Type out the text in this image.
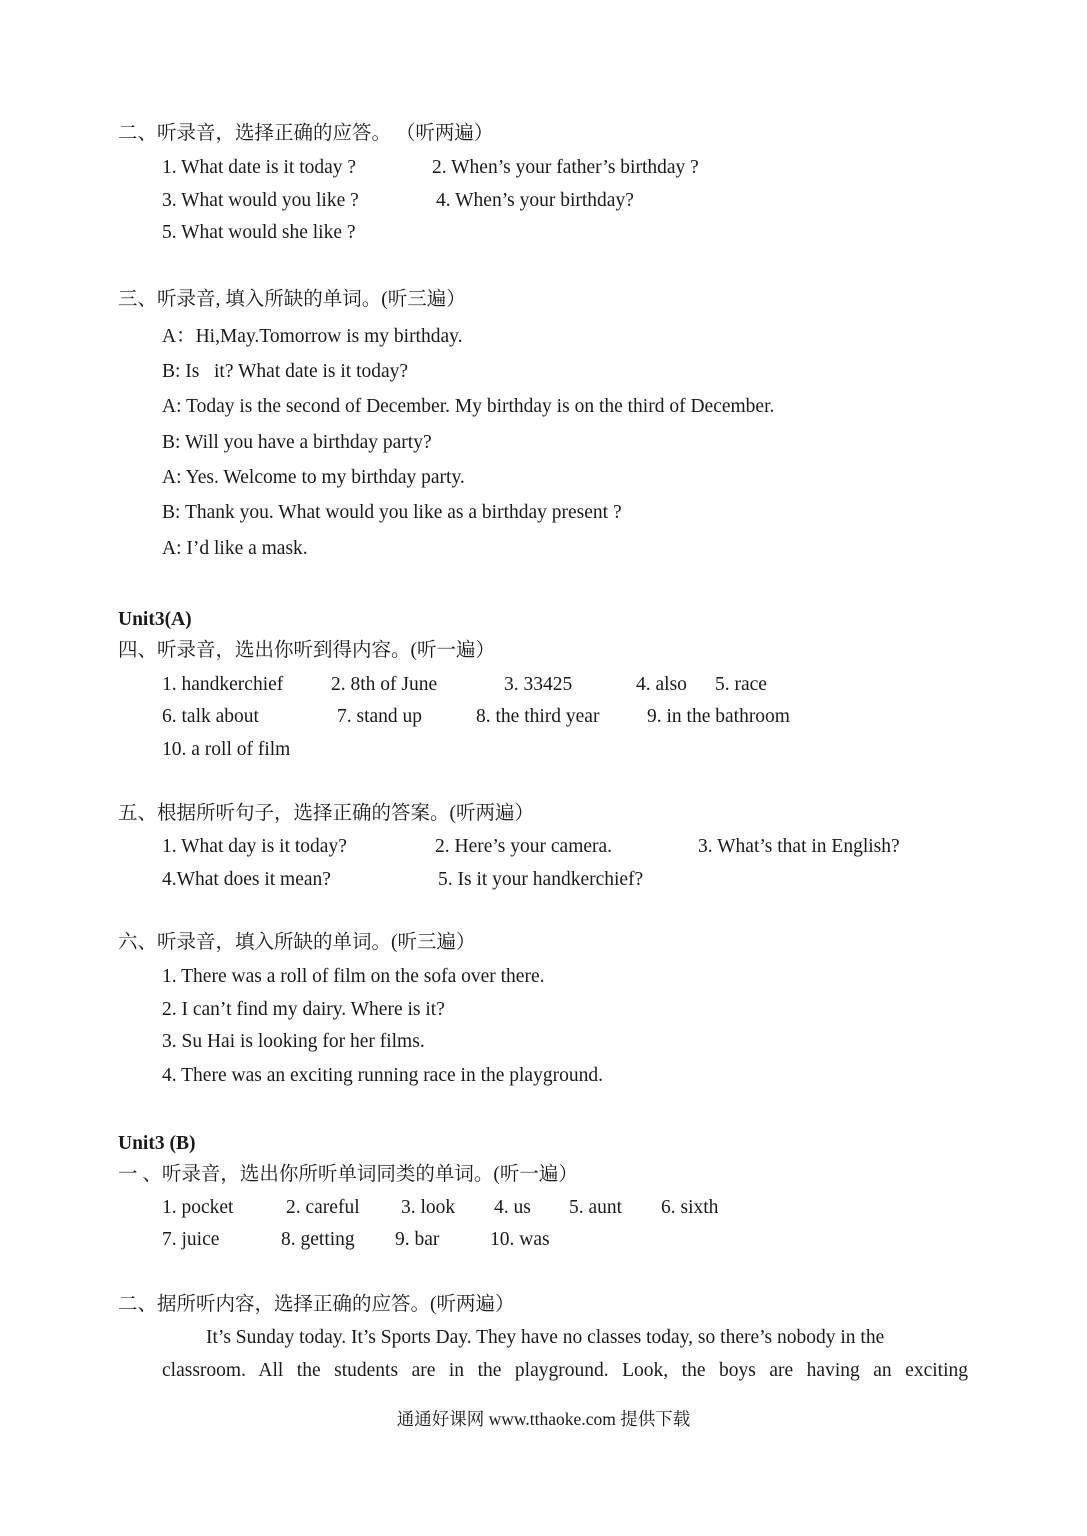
二、听录音，选择正确的应答。 （听两遍）
1. What date is it today ?	2. When’s your father’s birthday ?
3. What would you like ?	4. When’s your birthday?
5. What would she like ?
三、听录音, 填入所缺的单词。(听三遍）
A：Hi,May.Tomorrow is my birthday.
B: Is   it? What date is it today?
A: Today is the second of December. My birthday is on the third of December.
B: Will you have a birthday party?
A: Yes. Welcome to my birthday party.
B: Thank you. What would you like as a birthday present ?
A: I’d like a mask.
Unit3(A)
四、听录音，选出你听到得内容。(听一遍）
1. handkerchief 2. 8th of June	3. 33425	4. also 5. race
6. talk about	7. stand up	8. the third year 9. in the bathroom
10. a roll of film
五、根据所听句子，选择正确的答案。(听两遍）
1. What day is it today?	2. Here’s your camera.	3. What’s that in English?
4.What does it mean?	5. Is it your handkerchief?
六、听录音，填入所缺的单词。(听三遍）
1. There was a roll of film on the sofa over there.
2. I can’t find my dairy. Where is it?
3. Su Hai is looking for her films.
4. There was an exciting running race in the playground.
Unit3 (B)
一 、听录音，选出你所听单词同类的单词。(听一遍）
1. pocket	2. careful 3. look 4. us 5. aunt 6. sixth
7. juice	8. getting 9. bar	10. was
二、据所听内容，选择正确的应答。(听两遍）
It’s Sunday today. It’s Sports Day. They have no classes today, so there’s nobody in the
classroom. All the students are in the playground. Look, the boys are having an exciting
通通好课网 www.tthaoke.com 提供下载
